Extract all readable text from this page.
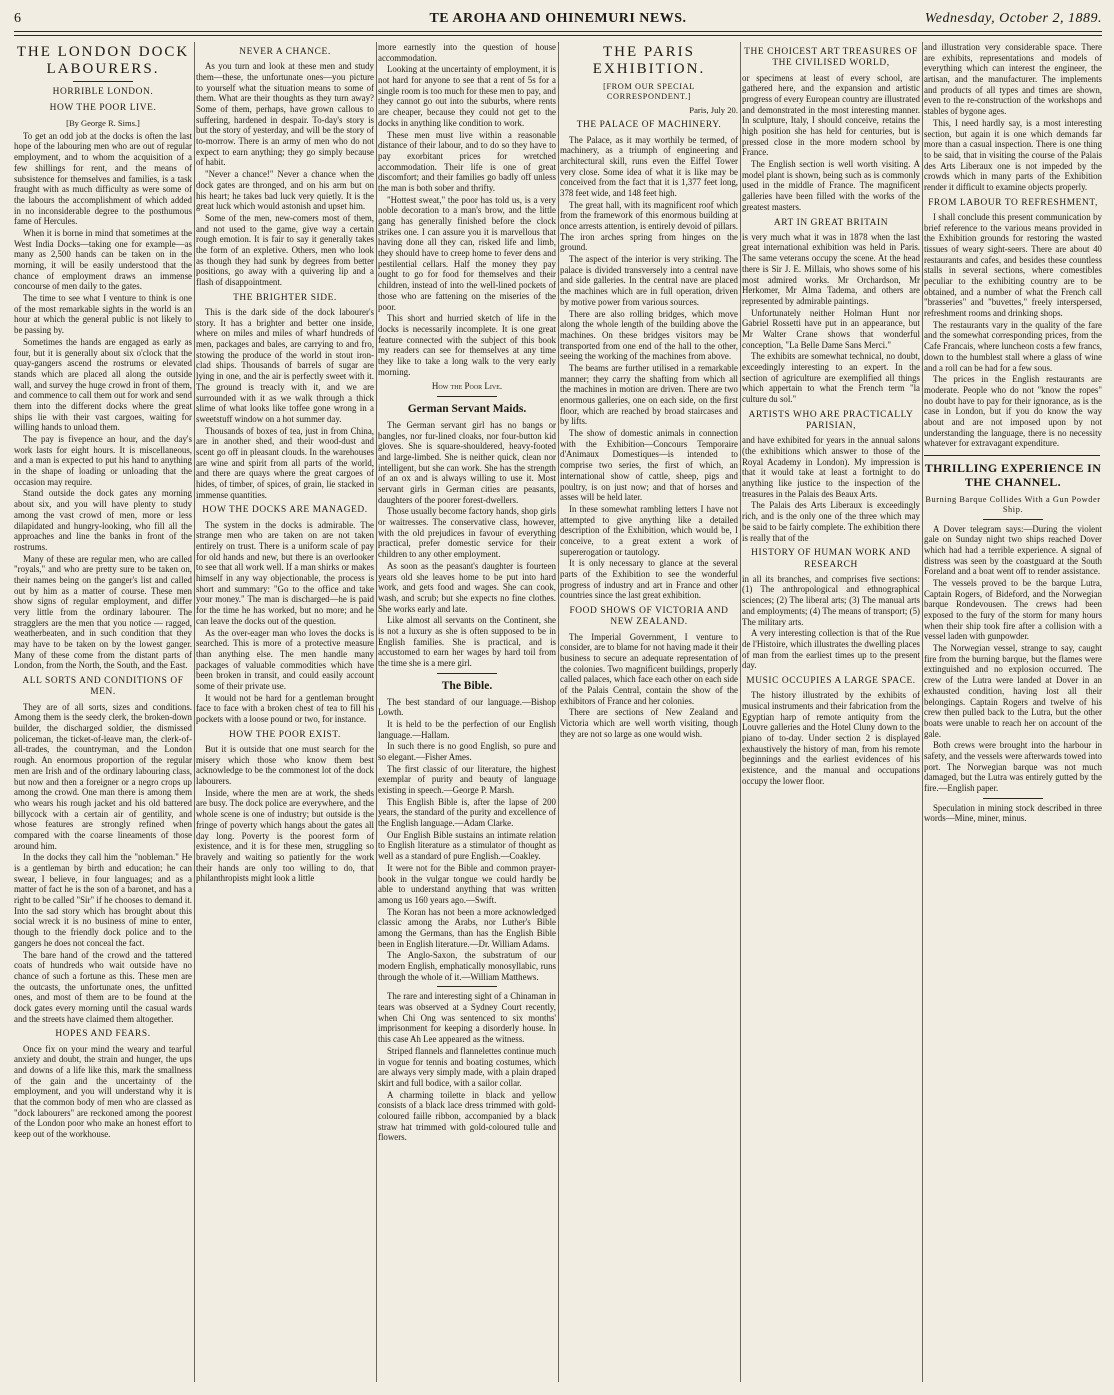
6	TE AROHA AND OHINEMURI NEWS.	Wednesday, October 2, 1889.
THE LONDON DOCK LABOURERS.
HORRIBLE LONDON.
HOW THE POOR LIVE.
[By George R. Sims.]

To get an odd job at the docks is often the last hope of the labouring men who are out of regular employment, and to whom the acquisition of a few shillings for rent, and the means of subsistence for themselves and families, is a task fraught with as much difficulty as were some of the labours the accomplishment of which added in no inconsiderable degree to the posthumous fame of Hercules.

When it is borne in mind that sometimes at the West India Docks—taking one for example—as many as 2,500 hands can be taken on in the morning, it will be easily understood that the chance of employment draws an immense concourse of men daily to the gates.

The time to see what I venture to think is one of the most remarkable sights in the world is an hour at which the general public is not likely to be passing by.

Sometimes the hands are engaged as early as four, but it is generally about six o'clock that the quay-gangers ascend the rostrums or elevated stands which are placed all along the outside wall, and survey the huge crowd in front of them, and commence to call them out for work and send them into the different docks where the great ships lie with their vast cargoes, waiting for willing hands to unload them.

The pay is fivepence an hour, and the day's work lasts for eight hours. It is miscellaneous, and a man is expected to put his hand to anything in the shape of loading or unloading that the occasion may require.

Stand outside the dock gates any morning about six, and you will have plenty to study among the vast crowd of men, more or less dilapidated and hungry-looking, who fill all the approaches and line the banks in front of the rostrums.

Many of these are regular men, who are called "royals," and who are pretty sure to be taken on, their names being on the ganger's list and called out by him as a matter of course. These men show signs of regular employment, and differ very little from the ordinary labourer. The stragglers are the men that you notice — ragged, weatherbeaten, and in such condition that they may have to be taken on by the lowest ganger. Many of these come from the distant parts of London, from the North, the South, and the East.

ALL SORTS AND CONDITIONS OF MEN.

They are of all sorts, sizes and conditions. Among them is the seedy clerk, the broken-down builder, the discharged soldier, the dismissed policeman, the ticket-of-leave man, the clerk-of-all-trades, the countryman, and the London rough. An enormous proportion of the regular men are Irish and of the ordinary labouring class, but now and then a foreigner or a negro crops up among the crowd. One man there is among them who wears his rough jacket and his old battered billycock with a certain air of gentility, and whose features are strongly refined when compared with the coarse lineaments of those around him.

In the docks they call him the "nobleman." He is a gentleman by birth and education; he can swear, I believe, in four languages; and as a matter of fact he is the son of a baronet, and has a right to be called "Sir" if he chooses to demand it. Into the sad story which has brought about this social wreck it is no business of mine to enter, though to the friendly dock police and to the gangers he does not conceal the fact.

The bare hand of the crowd and the tattered coats of hundreds who wait outside have no chance of such a fortune as this. These men are the outcasts, the unfortunate ones, the unfitted ones, and most of them are to be found at the dock gates every morning until the casual wards and the streets have claimed them altogether.

HOPES AND FEARS.

Once fix on your mind the weary and tearful anxiety and doubt, the strain and hunger, the ups and downs of a life like this, mark the smallness of the gain and the uncertainty of the employment, and you will understand why it is that the common body of men who are classed as "dock labourers" are reckoned among the poorest of the London poor who make an honest effort to keep out of the workhouse.

NEVER A CHANCE.

As you turn and look at these men and study them—these, the unfortunate ones—you picture to yourself what the situation means to some of them. What are their thoughts as they turn away? Some of them, perhaps, have grown callous to suffering, hardened in despair. To-day's story is but the story of yesterday, and will be the story of to-morrow. There is an army of men who do not expect to earn anything; they go simply because of habit.

"Never a chance!" Never a chance when the dock gates are thronged, and on his arm but on his heart; he takes bad luck very quietly. It is the great luck which would astonish and upset him.

Some of the men, new-comers most of them, and not used to the game, give way a certain rough emotion. It is fair to say it generally takes the form of an expletive. Others, men who look as though they had sunk by degrees from better positions, go away with a quivering lip and a flash of disappointment.

THE BRIGHTER SIDE.

This is the dark side of the dock labourer's story. It has a brighter and better one inside, where on miles and miles of wharf hundreds of men, packages and bales, are carrying to and fro, stowing the produce of the world in stout iron-clad ships. Thousands of barrels of sugar are lying in one, and the air is perfectly sweet with it. The ground is treacly with it, and we are surrounded with it as we walk through a thick slime of what looks like toffee gone wrong in a sweetstuff window on a hot summer day.

Thousands of boxes of tea, just in from China, are in another shed, and their wood-dust and scent go off in pleasant clouds. In the warehouses are wine and spirit from all parts of the world, and there are quays where the great cargoes of hides, of timber, of spices, of grain, lie stacked in immense quantities.

HOW THE DOCKS ARE MANAGED.

The system in the docks is admirable. The strange men who are taken on are not taken entirely on trust. There is a uniform scale of pay for old hands and new, but there is an overlooker to see that all work well. If a man shirks or makes himself in any way objectionable, the process is short and summary: "Go to the office and take your money." The man is discharged—he is paid for the time he has worked, but no more; and he can leave the docks out of the question.

As the over-eager man who loves the docks is searched. This is more of a protective measure than anything else. The men handle many packages of valuable commodities which have been broken in transit, and could easily account some of their private use.

It would not be hard for a gentleman brought face to face with a broken chest of tea to fill his pockets with a loose pound or two, for instance.

HOW THE POOR EXIST.

But it is outside that one must search for the misery which those who know them best acknowledge to be the commonest lot of the dock labourers.

Inside, where the men are at work, the sheds are busy. The dock police are everywhere, and the whole scene is one of industry; but outside is the fringe of poverty which hangs about the gates all day long. Poverty is the poorest form of existence, and it is for these men, struggling so bravely and waiting so patiently for the work their hands are only too willing to do, that philanthropists might look a little

more earnestly into the question of house accommodation.

Looking at the uncertainty of employment, it is not hard for anyone to see that a rent of 5s for a single room is too much for these men to pay, and they cannot go out into the suburbs, where rents are cheaper, because they could not get to the docks in anything like condition to work.

These men must live within a reasonable distance of their labour, and to do so they have to pay exorbitant prices for wretched accommodation. Their life is one of great discomfort; and their families go badly off unless the man is both sober and thrifty.

"Hottest sweat," the poor has told us, is a very noble decoration to a man's brow, and the little gang has generally finished before the clock strikes one. I can assure you it is marvellous that having done all they can, risked life and limb, they should have to creep home to fever dens and pestilential cellars. Half the money they pay ought to go for food for themselves and their children, instead of into the well-lined pockets of those who are fattening on the miseries of the poor.

This short and hurried sketch of life in the docks is necessarily incomplete. It is one great feature connected with the subject of this book my readers can see for themselves at any time they like to take a long walk to the very early morning.

How the Poor Live.
German Servant Maids.

The German servant girl has no bangs or bangles, nor fur-lined cloaks, nor four-button kid gloves. She is square-shouldered, heavy-footed and large-limbed. She is neither quick, clean nor intelligent, but she can work. She has the strength of an ox and is always willing to use it. Most servant girls in German cities are peasants, daughters of the poorer forest-dwellers.

Those usually become factory hands, shop girls or waitresses. The conservative class, however, with the old prejudices in favour of everything practical, prefer domestic service for their children to any other employment.

As soon as the peasant's daughter is fourteen years old she leaves home to be put into hard work, and gets food and wages. She can cook, wash, and scrub; but she expects no fine clothes. She works early and late.

Like almost all servants on the Continent, she is not a luxury as she is often supposed to be in English families. She is practical, and is accustomed to earn her wages by hard toil from the time she is a mere girl.

The Bible.

The best standard of our language.—Bishop Lowth.

It is held to be the perfection of our English language.—Hallam.

In such there is no good English, so pure and so elegant.—Fisher Ames.

The first classic of our literature, the highest exemplar of purity and beauty of language existing in speech.—George P. Marsh.

This English Bible is, after the lapse of 200 years, the standard of the purity and excellence of the English language.—Adam Clarke.

Our English Bible sustains an intimate relation to English literature as a stimulator of thought as well as a standard of pure English.—Coakley.

It were not for the Bible and common prayer-book in the vulgar tongue we could hardly be able to understand anything that was written among us 160 years ago.—Swift.

The Koran has not been a more acknowledged classic among the Arabs, nor Luther's Bible among the Germans, than has the English Bible been in English literature.—Dr. William Adams.

The Anglo-Saxon, the substratum of our modern English, emphatically monosyllabic, runs through the whole of it.—William Matthews.

The rare and interesting sight of a Chinaman in tears was observed at a Sydney Court recently, when Chi Ong was sentenced to six months' imprisonment for keeping a disorderly house. In this case Ah Lee appeared as the witness.

Striped flannels and flannelettes continue much in vogue for tennis and boating costumes, which are always very simply made, with a plain draped skirt and full bodice, with a sailor collar.

A charming toilette in black and yellow consists of a black lace dress trimmed with gold-coloured faille ribbon, accompanied by a black straw hat trimmed with gold-coloured tulle and flowers.

THE PARIS EXHIBITION.
[FROM OUR SPECIAL CORRESPONDENT.]
Paris, July 20.
THE PALACE OF MACHINERY.

The Palace, as it may worthily be termed, of machinery, as a triumph of engineering and architectural skill, runs even the Eiffel Tower very close. Some idea of what it is like may be conceived from the fact that it is 1,377 feet long, 378 feet wide, and 148 feet high.

The great hall, with its magnificent roof which from the framework of this enormous building at once arrests attention, is entirely devoid of pillars. The iron arches spring from hinges on the ground.

The aspect of the interior is very striking. The palace is divided transversely into a central nave and side galleries. In the central nave are placed the machines which are in full operation, driven by motive power from various sources.

There are also rolling bridges, which move along the whole length of the building above the machines. On these bridges visitors may be transported from one end of the hall to the other, seeing the working of the machines from above.

The beams are further utilised in a remarkable manner; they carry the shafting from which all the machines in motion are driven. There are two enormous galleries, one on each side, on the first floor, which are reached by broad staircases and by lifts.

The show of domestic animals in connection with the Exhibition—Concours Temporaire d'Animaux Domestiques—is intended to comprise two series, the first of which, an international show of cattle, sheep, pigs and poultry, is on just now; and that of horses and asses will be held later.

In these somewhat rambling letters I have not attempted to give anything like a detailed description of the Exhibition, which would be, I conceive, to a great extent a work of supererogation or tautology.

It is only necessary to glance at the several parts of the Exhibition to see the wonderful progress of industry and art in France and other countries since the last great exhibition.

FOOD SHOWS OF VICTORIA AND NEW ZEALAND.

The Imperial Government, I venture to consider, are to blame for not having made it their business to secure an adequate representation of the colonies. Two magnificent buildings, properly called palaces, which face each other on each side of the Palais Central, contain the show of the exhibitors of France and her colonies.

There are sections of New Zealand and Victoria which are well worth visiting, though they are not so large as one would wish.

THE CHOICEST ART TREASURES OF THE CIVILISED WORLD,

or specimens at least of every school, are gathered here, and the expansion and artistic progress of every European country are illustrated and demonstrated in the most interesting manner. In sculpture, Italy, I should conceive, retains the high position she has held for centuries, but is pressed close in the more modern school by France.

The English section is well worth visiting. A model plant is shown, being such as is commonly used in the middle of France. The magnificent galleries have been filled with the works of the greatest masters.

ART IN GREAT BRITAIN

is very much what it was in 1878 when the last great international exhibition was held in Paris. The same veterans occupy the scene. At the head there is Sir J. E. Millais, who shows some of his most admired works. Mr Orchardson, Mr Herkomer, Mr Alma Tadema, and others are represented by admirable paintings.

Unfortunately neither Holman Hunt nor Gabriel Rossetti have put in an appearance, but Mr Walter Crane shows that wonderful conception, "La Belle Dame Sans Merci."

The exhibits are somewhat technical, no doubt, exceedingly interesting to an expert. In the section of agriculture are exemplified all things which appertain to what the French term "la culture du sol."

ARTISTS WHO ARE PRACTICALLY PARISIAN,

and have exhibited for years in the annual salons (the exhibitions which answer to those of the Royal Academy in London). My impression is that it would take at least a fortnight to do anything like justice to the inspection of the treasures in the Palais des Beaux Arts.

The Palais des Arts Liberaux is exceedingly rich, and is the only one of the three which may be said to be fairly complete. The exhibition there is really that of the

HISTORY OF HUMAN WORK AND RESEARCH

in all its branches, and comprises five sections: (1) The anthropological and ethnographical sciences; (2) The liberal arts; (3) The manual arts and employments; (4) The means of transport; (5) The military arts.

A very interesting collection is that of the Rue de l'Histoire, which illustrates the dwelling places of man from the earliest times up to the present day.

MUSIC OCCUPIES A LARGE SPACE.

The history illustrated by the exhibits of musical instruments and their fabrication from the Egyptian harp of remote antiquity from the Louvre galleries and the Hotel Cluny down to the piano of to-day. Under section 2 is displayed exhaustively the history of man, from his remote beginnings and the earliest evidences of his existence, and the manual and occupations occupy the lower floor.

and illustration very considerable space. There are exhibits, representations and models of everything which can interest the engineer, the artisan, and the manufacturer. The implements and products of all types and times are shown, even to the re-construction of the workshops and stables of bygone ages.

This, I need hardly say, is a most interesting section, but again it is one which demands far more than a casual inspection. There is one thing to be said, that in visiting the course of the Palais des Arts Liberaux one is not impeded by the crowds which in many parts of the Exhibition render it difficult to examine objects properly.

FROM LABOUR TO REFRESHMENT,

I shall conclude this present communication by brief reference to the various means provided in the Exhibition grounds for restoring the wasted tissues of weary sight-seers. There are about 40 restaurants and cafes, and besides these countless stalls in several sections, where comestibles peculiar to the exhibiting country are to be obtained, and a number of what the French call "brasseries" and "buvettes," freely interspersed, refreshment rooms and drinking shops.

The restaurants vary in the quality of the fare and the somewhat corresponding prices, from the Cafe Francais, where luncheon costs a few francs, down to the humblest stall where a glass of wine and a roll can be had for a few sous.

The prices in the English restaurants are moderate. People who do not "know the ropes" no doubt have to pay for their ignorance, as is the case in London, but if you do know the way about and are not imposed upon by not understanding the language, there is no necessity whatever for extravagant expenditure.

THRILLING EXPERIENCE IN THE CHANNEL.
Burning Barque Collides With a Gun Powder Ship.

A Dover telegram says:—During the violent gale on Sunday night two ships reached Dover which had had a terrible experience. A signal of distress was seen by the coastguard at the South Foreland and a boat went off to render assistance.

The vessels proved to be the barque Lutra, Captain Rogers, of Bideford, and the Norwegian barque Rondevousen. The crews had been exposed to the fury of the storm for many hours when their ship took fire after a collision with a vessel laden with gunpowder.

The Norwegian vessel, strange to say, caught fire from the burning barque, but the flames were extinguished and no explosion occurred. The crew of the Lutra were landed at Dover in an exhausted condition, having lost all their belongings. Captain Rogers and twelve of his crew then pulled back to the Lutra, but the other boats were unable to reach her on account of the gale.

Both crews were brought into the harbour in safety, and the vessels were afterwards towed into port. The Norwegian barque was not much damaged, but the Lutra was entirely gutted by the fire.—English paper.

Speculation in mining stock described in three words—Mine, miner, minus.
